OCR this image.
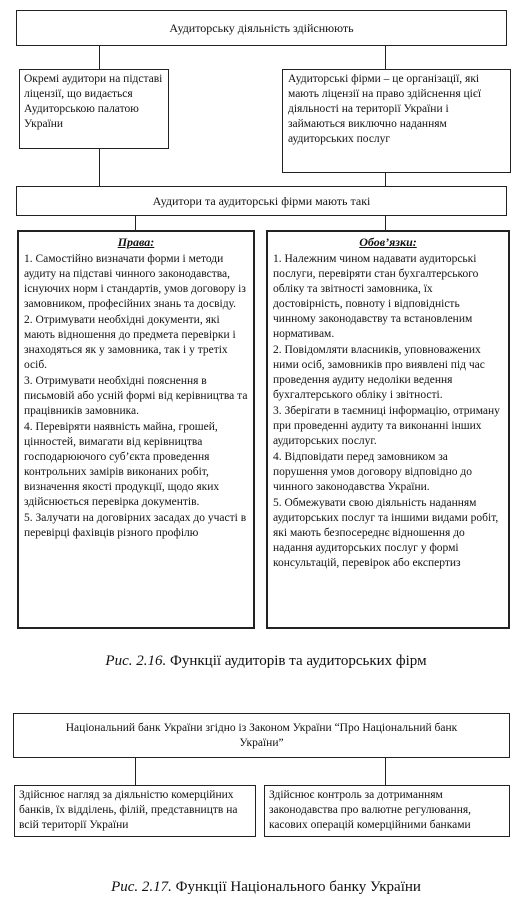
Аудиторську діяльність здійснюють

Окремі аудитори на підставі ліцензії, що видається Аудиторською палатою України

Аудиторські фірми – це організації, які мають ліцензії на право здійснення цієї діяльності на території України і займаються виключно наданням аудиторських послуг

Аудитори та аудиторські фірми мають такі
Права:
1. Самостійно визначати форми і методи аудиту на підставі чинного законодавства, існуючих норм і стандартів, умов договору із замовником, професійних знань та досвіду.
2. Отримувати необхідні документи, які мають відношення до предмета перевірки і знаходяться як у замовника, так і у третіх осіб.
3. Отримувати необхідні пояснення в письмовій або усній формі від керівництва та працівників замовника.
4. Перевіряти наявність майна, грошей, цінностей, вимагати від керівництва господарюючого суб’єкта проведення контрольних замірів виконаних робіт, визначення якості продукції, щодо яких здійснюється перевірка документів.
5. Залучати на договірних засадах до участі в перевірці фахівців різного профілю
Обов’язки:
1. Належним чином надавати аудиторські послуги, перевіряти стан бухгалтерського обліку та звітності замовника, їх достовірність, повноту і відповідність чинному законодавству та встановленим нормативам.
2. Повідомляти власників, уповноважених ними осіб, замовників про виявлені під час проведення аудиту недоліки ведення бухгалтерського обліку і звітності.
3. Зберігати в таємниці інформацію, отриману при проведенні аудиту та виконанні інших аудиторських послуг.
4. Відповідати перед замовником за порушення умов договору відповідно до чинного законодавства України.
5. Обмежувати свою діяльність наданням аудиторських послуг та іншими видами робіт, які мають безпосереднє відношення до надання аудиторських послуг у формі консультацій, перевірок або експертиз
Рис. 2.16. Функції аудиторів та аудиторських фірм
Національний банк України згідно із Законом України “Про Національний банк України”

Здійснює нагляд за діяльністю комерційних банків, їх відділень, філій, представництв на всій території України

Здійснює контроль за дотриманням законодавства про валютне регулювання, касових операцій комерційними банками

Рис. 2.17. Функції Національного банку України
